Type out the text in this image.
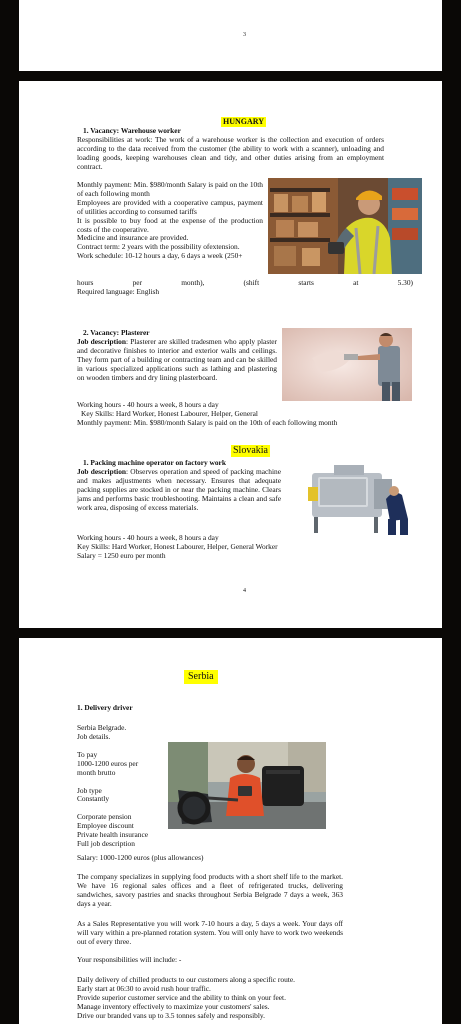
3
HUNGARY
1. Vacancy: Warehouse worker
Responsibilities at work: The work of a warehouse worker is the collection and execution of orders according to the data received from the customer (the ability to work with a scanner), unloading and loading goods, keeping warehouses clean and tidy, and other duties arising from an employment contract.

Monthly payment: Min. $980/month Salary is paid on the 10th of each following month

Employees are provided with a cooperative campus, payment of utilities according to consumed tariffs

It is possible to buy food at the expense of the production costs of the cooperative.

Medicine and insurance are provided.

Contract term: 2 years with the possibility ofextension.

Work schedule: 10-12 hours a day, 6 days a week (250+

hours	per	month),	(shift	starts	at	5.30)
Required language: English
2. Vacancy: Plasterer
Job description: Plasterer are skilled tradesmen who apply plaster and decorative finishes to interior and exterior walls and ceilings. They form part of a building or contracting team and can be skilled in various specialized applications such as lathing and plastering on wooden timbers and dry lining plasterboard.
Working hours - 40 hours a week, 8 hours a day
Key Skills: Hard Worker, Honest Labourer, Helper, General
Monthly payment: Min. $980/month Salary is paid on the 10th of each following month
Slovakia
1. Packing machine operator on factory work
Job description: Observes operation and speed of packing machine and makes adjustments when necessary. Ensures that adequate packing supplies are stocked in or near the packing machine. Clears jams and performs basic troubleshooting. Maintains a clean and safe work area, disposing of excess materials.
Working hours - 40 hours a week, 8 hours a day
Key Skills: Hard Worker, Honest Labourer, Helper, General Worker
Salary = 1250 euro per month
4
Serbia
1. Delivery driver

Serbia Belgrade.

Job details.

To pay

1000-1200 euros per

month brutto

Job type

Constantly

Corporate pension

Employee discount

Private health insurance

Full job description

Salary: 1000-1200 euros (plus allowances)
The company specializes in supplying food products with a short shelf life to the market. We have 16 regional sales offices and a fleet of refrigerated trucks, delivering sandwiches, savory pastries and snacks throughout Serbia Belgrade 7 days a week, 363 days a year.
As a Sales Representative you will work 7-10 hours a day, 5 days a week. Your days off will vary within a pre-planned rotation system. You will only have to work two weekends out of every three.
Your responsibilities will include: -

Daily delivery of chilled products to our customers along a specific route.

Early start at 06:30 to avoid rush hour traffic.

Provide superior customer service and the ability to think on your feet.

Manage inventory effectively to maximize your customers' sales.

Drive our branded vans up to 3.5 tonnes safely and responsibly.
